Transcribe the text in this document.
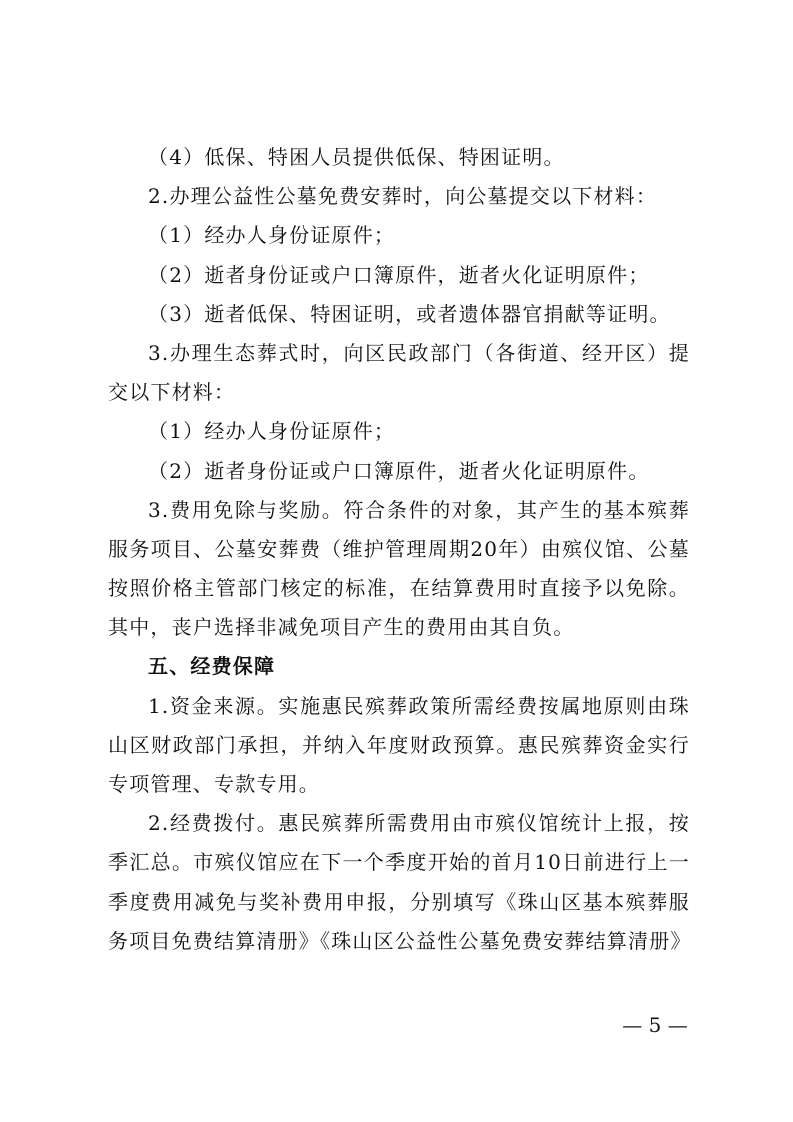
（4）低保、特困人员提供低保、特困证明。
2.办理公益性公墓免费安葬时，向公墓提交以下材料：
（1）经办人身份证原件；
（2）逝者身份证或户口簿原件，逝者火化证明原件；
（3）逝者低保、特困证明，或者遗体器官捐献等证明。
3.办理生态葬式时，向区民政部门（各街道、经开区）提
交以下材料：
（1）经办人身份证原件；
（2）逝者身份证或户口簿原件，逝者火化证明原件。
3.费用免除与奖励。符合条件的对象，其产生的基本殡葬
服务项目、公墓安葬费（维护管理周期20年）由殡仪馆、公墓
按照价格主管部门核定的标准，在结算费用时直接予以免除。
其中，丧户选择非减免项目产生的费用由其自负。
五、经费保障
1.资金来源。实施惠民殡葬政策所需经费按属地原则由珠
山区财政部门承担，并纳入年度财政预算。惠民殡葬资金实行
专项管理、专款专用。
2.经费拨付。惠民殡葬所需费用由市殡仪馆统计上报，按
季汇总。市殡仪馆应在下一个季度开始的首月10日前进行上一
季度费用减免与奖补费用申报，分别填写《珠山区基本殡葬服
务项目免费结算清册》《珠山区公益性公墓免费安葬结算清册》
— 5 —
